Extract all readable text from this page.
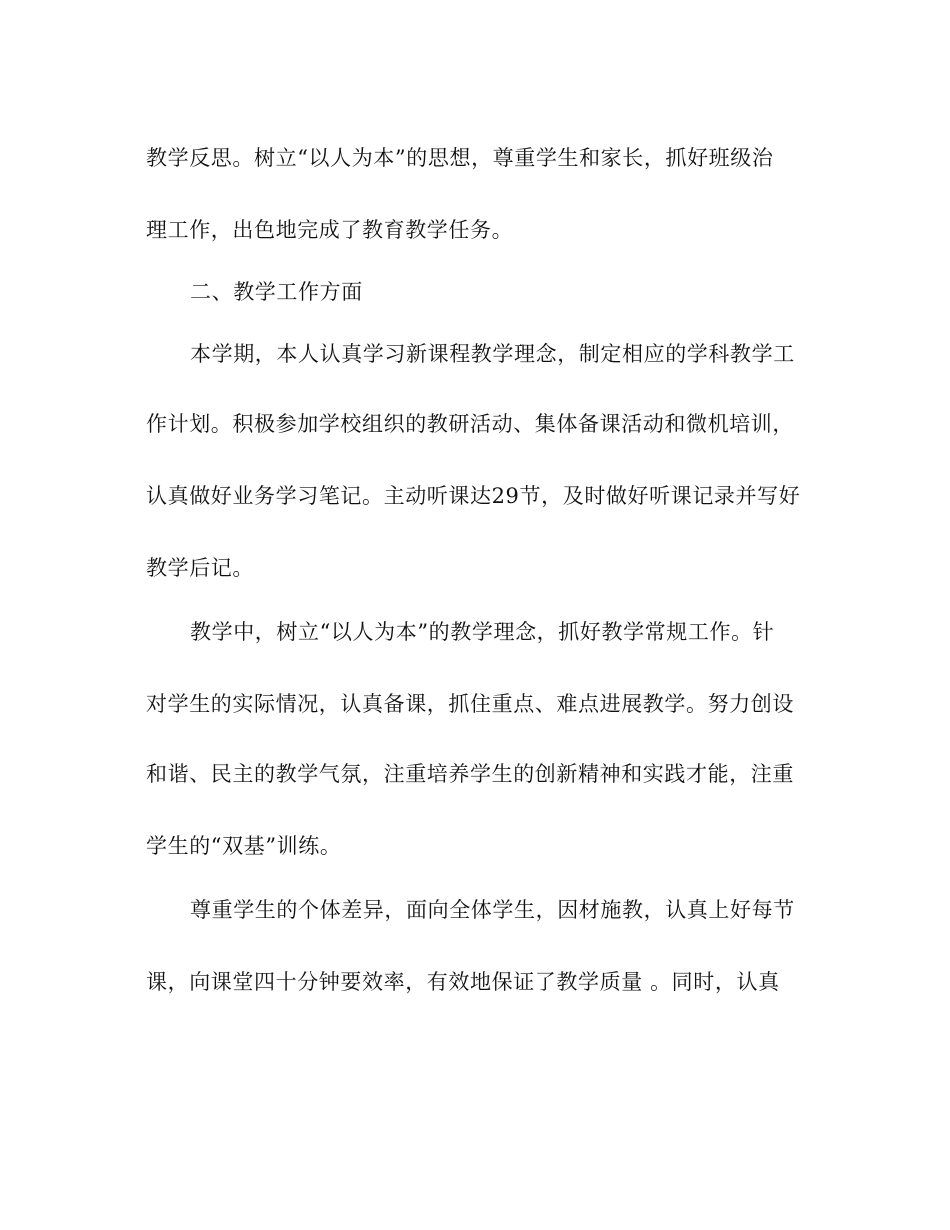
教学反思。树立“以人为本”的思想，尊重学生和家长，抓好班级治

理工作，出色地完成了教育教学任务。

二、教学工作方面

本学期，本人认真学习新课程教学理念，制定相应的学科教学工

作计划。积极参加学校组织的教研活动、集体备课活动和微机培训，

认真做好业务学习笔记。主动听课达29节，及时做好听课记录并写好

教学后记。

教学中，树立“以人为本”的教学理念，抓好教学常规工作。针

对学生的实际情况，认真备课，抓住重点、难点进展教学。努力创设

和谐、民主的教学气氛，注重培养学生的创新精神和实践才能，注重

学生的“双基”训练。

尊重学生的个体差异，面向全体学生，因材施教，认真上好每节

课，向课堂四十分钟要效率，有效地保证了教学质量 。同时，认真
